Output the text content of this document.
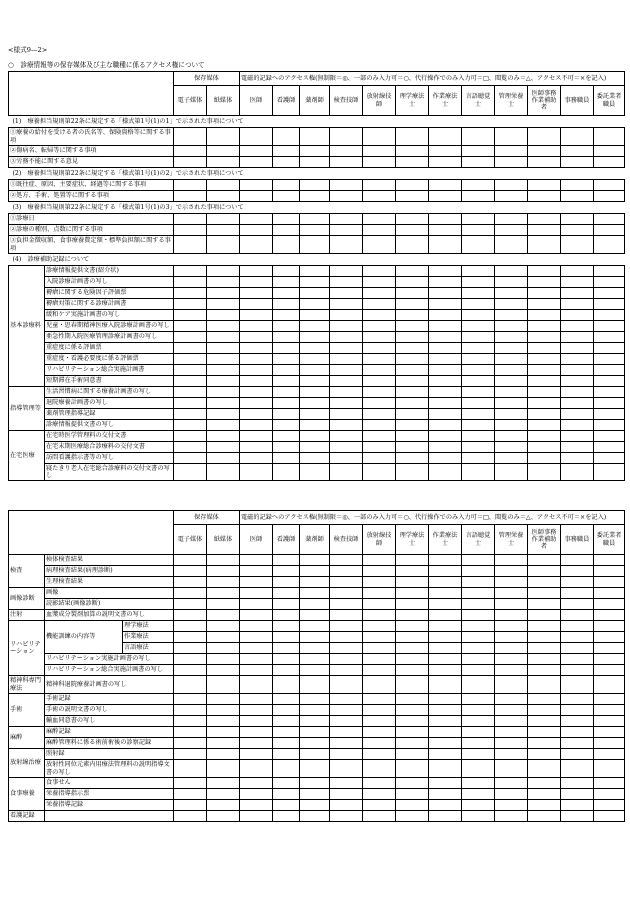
<様式9—2>
○　診療情報等の保存媒体及び主な職種に係るアクセス権について
		保存媒体		電磁的記録へのアクセス権(無制限＝◎、一部のみ入力可＝○、代行操作でのみ入力可＝□、閲覧のみ＝△、アクセス不可＝×を記入)											
		電子媒体	紙媒体	医師	看護師	薬剤師	検査技師	放射線技師	理学療法士	作業療法士	言語聴覚士	管理栄養士	医師事務作業補助者	事務職員	委託業者職員
(1)　療養担当規則第22条に規定する「様式第1号(1)の1」で示された事項について															
①療養の給付を受ける者の氏名等、保険資格等に関する事項															
②傷病名、転帰等に関する事項															
③労務不能に関する意見															
(2)　療養担当規則第22条に規定する「様式第1号(1)の2」で示された事項について															
①既往症、原因、主要症状、経過等に関する事項															
②処方、手術、処置等に関する事項															
(3)　療養担当規則第22条に規定する「様式第1号(1)の3」で示された事項について															
①診療日															
②診療の種別、点数に関する事項															
③負担金徴収額、食事療養費定額・標準負担額に関する事項															
(4)　診療補助記録について															
基本診療料	診療情報提供文書(紹介状)														
	入院診療計画書の写し														
	褥瘡に関する危険因子評価票														
	褥瘡対策に関する診療計画書														
	緩和ケア実施計画書の写し														
	児童・思春期精神医療入院診療計画書の写し														
	亜急性期入院医療管理診療計画書の写し														
	重症度に係る評価票														
	重症度・看護必要度に係る評価票														
	リハビリテーション総合実施計画書														
	短期滞在手術同意書														
指導管理等	生活習慣病に関する療養計画書の写し														
	退院療養計画書の写し														
	薬剤管理指導記録														
	診療情報提供文書の写し														
在宅医療	在宅時医学管理料の交付文書														
	在宅末期医療総合診療料の交付文書														
	訪問看護指示書等の写し														
	寝たきり老人在宅総合診療料の交付文書の写し														
			保存媒体		電磁的記録へのアクセス権(無制限＝◎、一部のみ入力可＝○、代行操作でのみ入力可＝□、閲覧のみ＝△、アクセス不可＝×を記入)											
			電子媒体	紙媒体	医師	看護師	薬剤師	検査技師	放射線技師	理学療法士	作業療法士	言語聴覚士	管理栄養士	医師事務作業補助者	事務職員	委託業者職員
検査	検体検査結果															
	病理検査結果(病理診断)															
	生理検査結果															
画像診断	画像															
	読影結果(画像診断)															
注射	血漿成分製剤加算の説明文書の写し															
リハビリテーション	機能訓練の内容等	理学療法														
		作業療法														
		言語療法														
	リハビリテーション実施計画書の写し															
	リハビリテーション総合実施計画書の写し															
精神科専門療法	精神科退院療養計画書の写し															
手術	手術記録															
	手術の説明文書の写し															
	輸血同意書の写し															
麻酔	麻酔記録															
	麻酔管理料に係る術前術後の診察記録															
放射線治療	照射録															
	放射性同位元素内用療法管理料の説明指導文書の写し															
食事療養	食事せん															
	栄養指導指示票															
	栄養指導記録															
看護記録																
